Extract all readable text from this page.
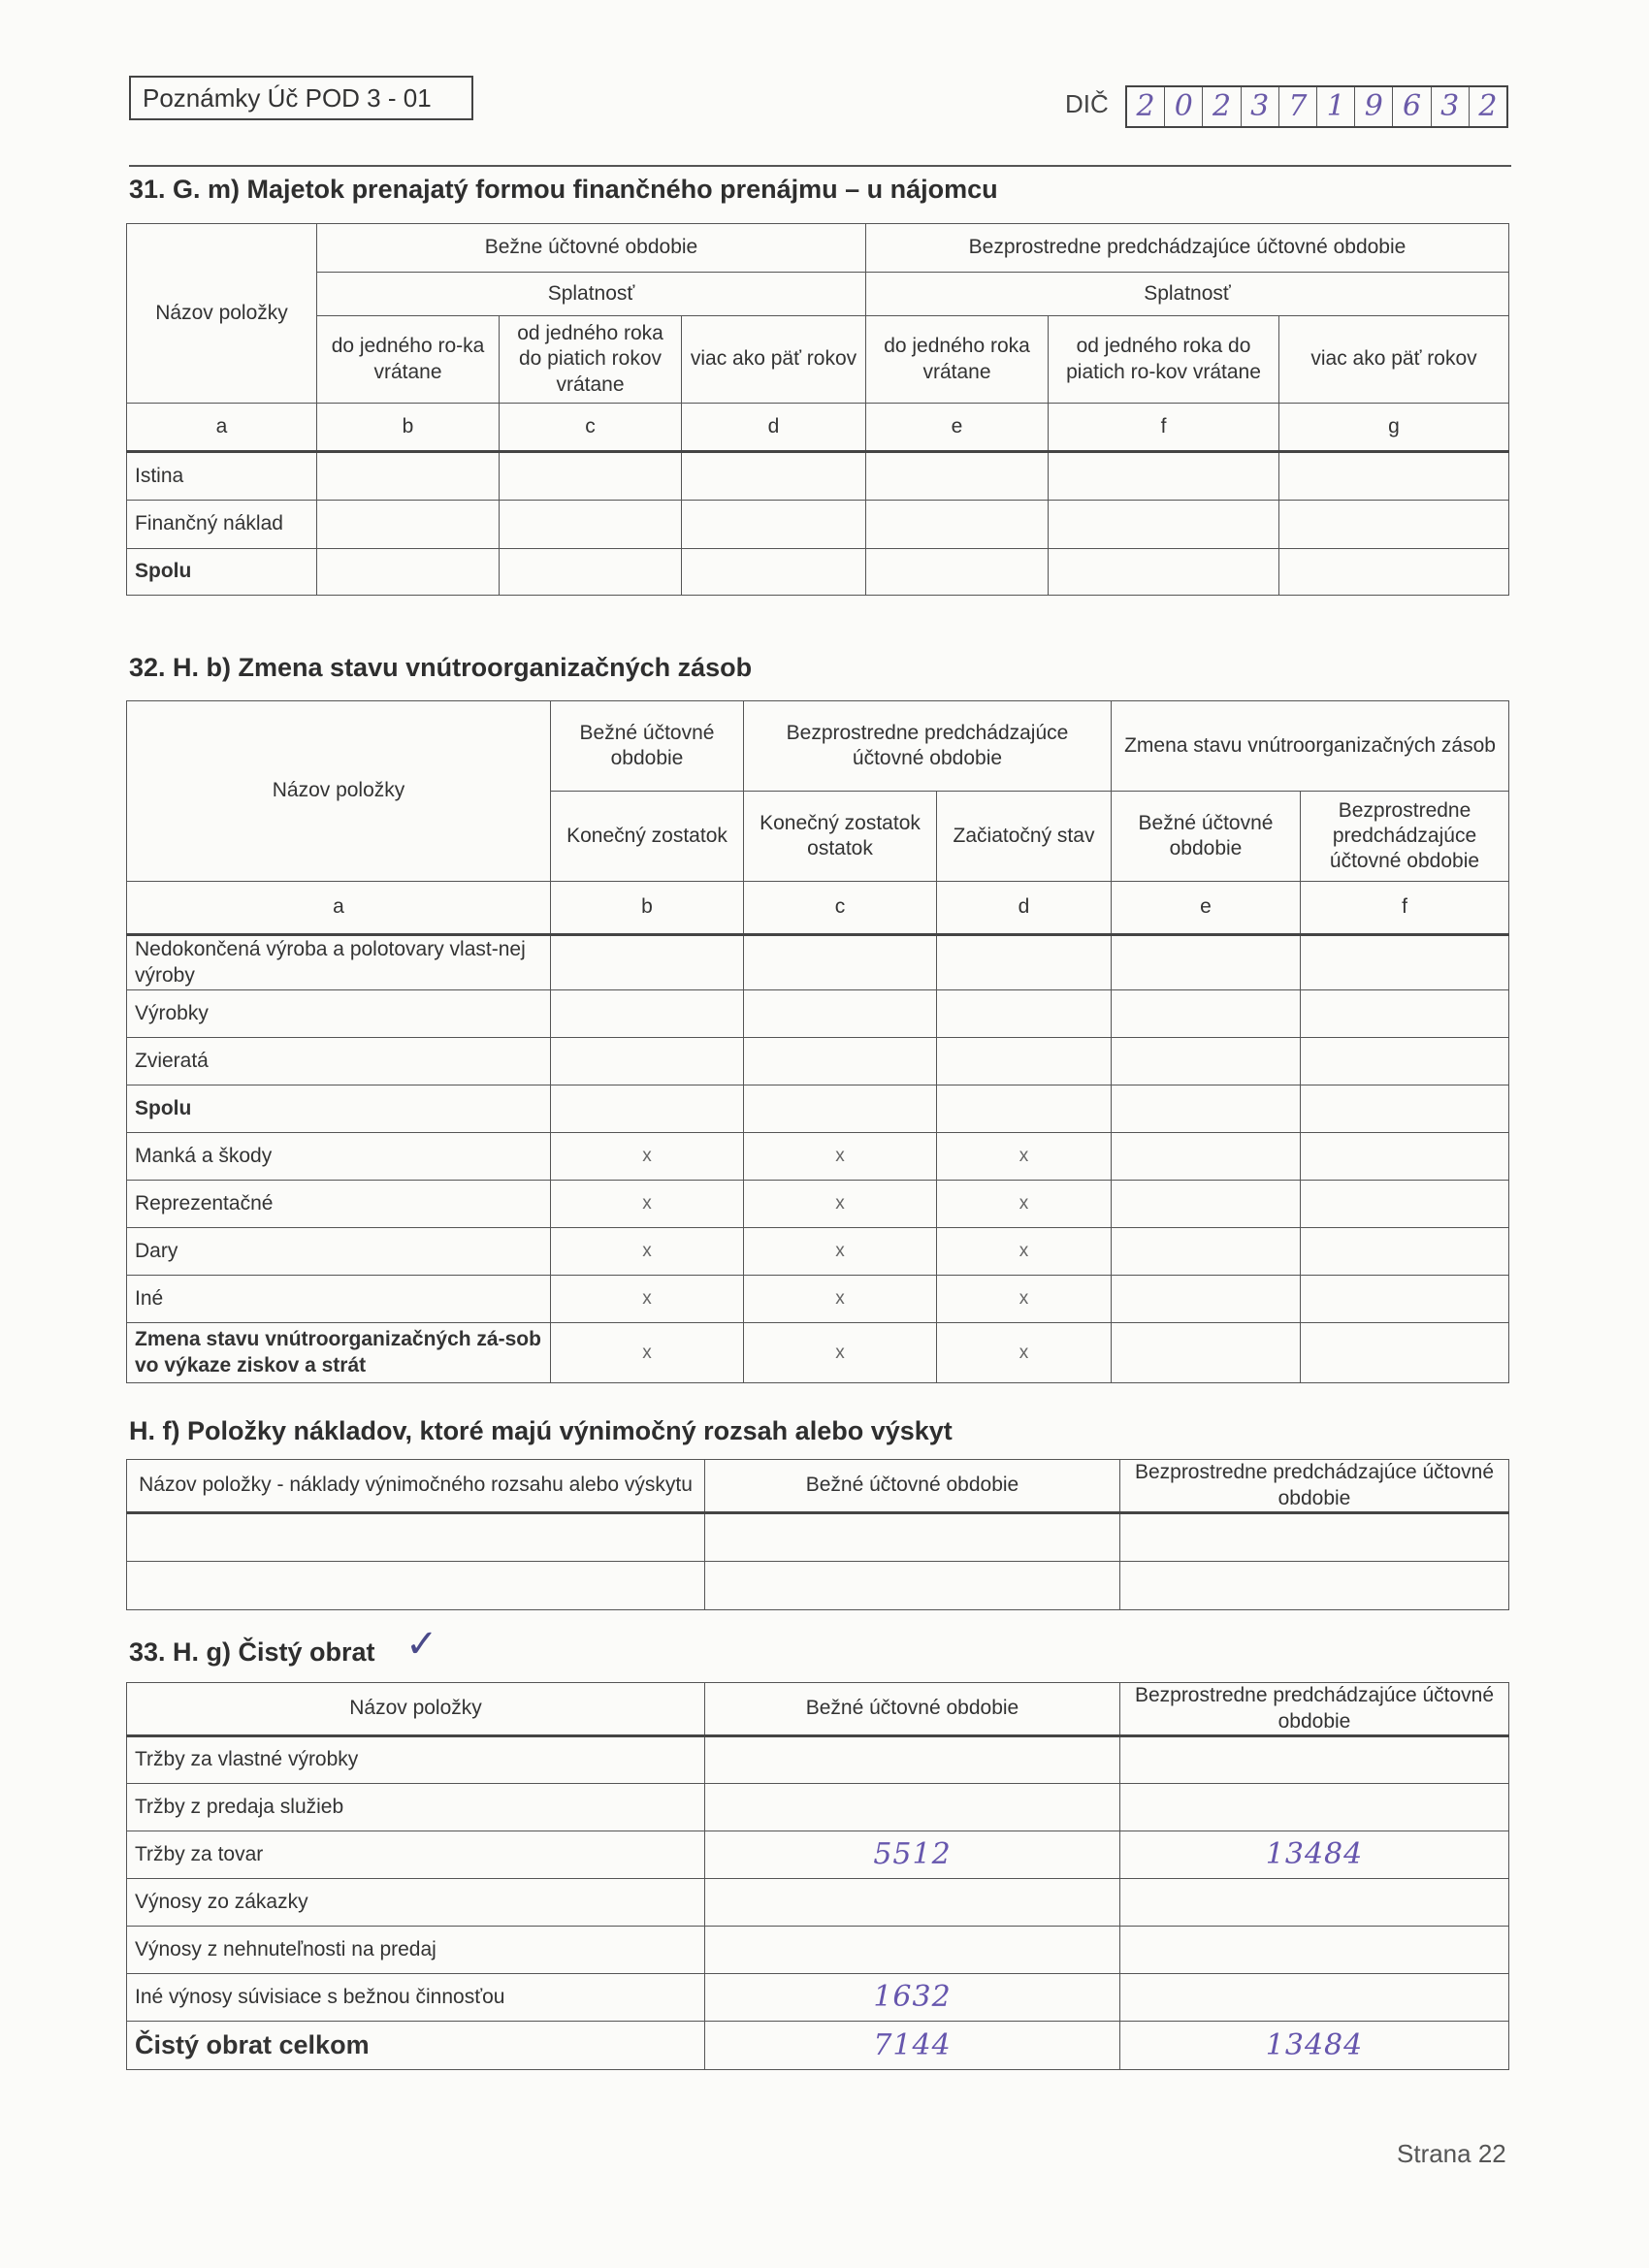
Poznámky Úč POD 3 - 01	DIČ 2 0 2 3 7 1 9 6 3 2
31. G. m) Majetok prenajatý formou finančného prenájmu – u nájomcu
Názov položky	Bežne účtovné obdobie			Bezprostredne predchádzajúce účtovné obdobie		
	Splatnosť			Splatnosť		
	do jedného ro-ka vrátane	od jedného roka do piatich rokov vrátane	viac ako päť rokov	do jedného roka vrátane	od jedného roka do piatich ro-kov vrátane	viac ako päť rokov
a	b	c	d	e	f	g
Istina						
Finančný náklad						
Spolu						
32. H. b) Zmena stavu vnútroorganizačných zásob
Názov položky	Bežné účtovné obdobie	Bezprostredne predchádzajúce účtovné obdobie		Zmena stavu vnútroorganizačných zásob	
	Konečný zostatok	Konečný zostatok ostatok	Začiatočný stav	Bežné účtovné obdobie	Bezprostredne predchádzajúce účtovné obdobie
a	b	c	d	e	f
Nedokončená výroba a polotovary vlast-nej výroby					
Výrobky					
Zvieratá					
Spolu					
Manká a škody	x	x	x		
Reprezentačné	x	x	x		
Dary	x	x	x		
Iné	x	x	x		
Zmena stavu vnútroorganizačných zá-sob vo výkaze ziskov a strát	x	x	x		
H. f) Položky nákladov, ktoré majú výnimočný rozsah alebo výskyt
Názov položky - náklady výnimočného rozsahu alebo výskytu	Bežné účtovné obdobie	Bezprostredne predchádzajúce účtovné obdobie

33. H. g) Čistý obrat ✓
Názov položky	Bežné účtovné obdobie	Bezprostredne predchádzajúce účtovné obdobie
Tržby za vlastné výrobky		
Tržby z predaja služieb		
Tržby za tovar	5512	13484
Výnosy zo zákazky		
Výnosy z nehnuteľnosti na predaj		
Iné výnosy súvisiace s bežnou činnosťou	1632	
Čistý obrat celkom	7144	13484
Strana 22
